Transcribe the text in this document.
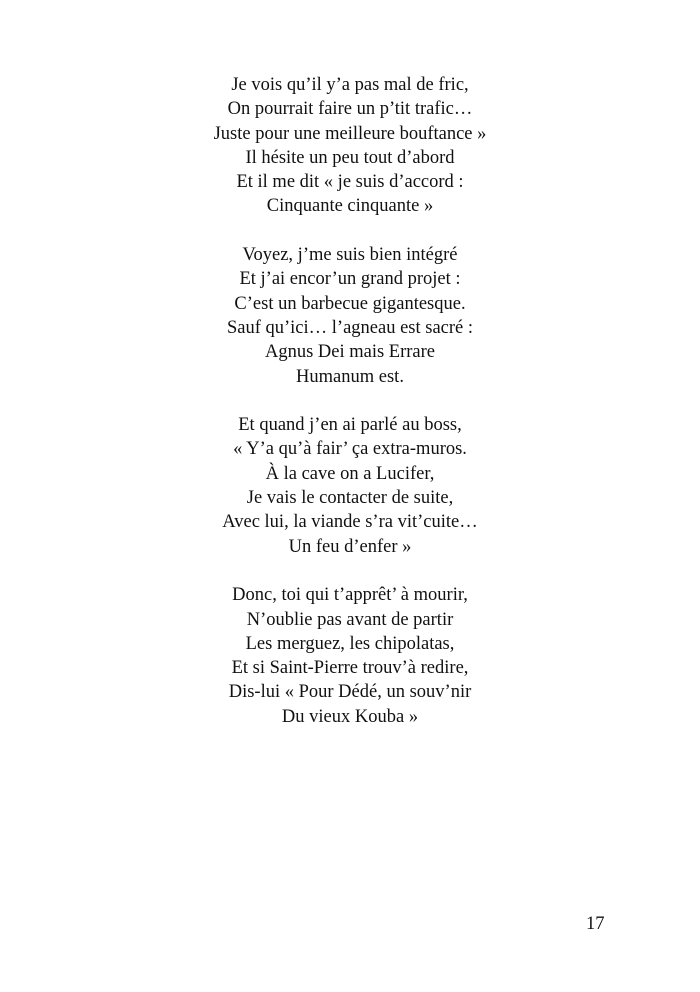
Je vois qu’il y’a pas mal de fric,
On pourrait faire un p’tit trafic…
Juste pour une meilleure bouftance »
Il hésite un peu tout d’abord
Et il me dit « je suis d’accord :
Cinquante cinquante »
Voyez, j’me suis bien intégré
Et j’ai encor’un grand projet :
C’est un barbecue gigantesque.
Sauf qu’ici… l’agneau est sacré :
Agnus Dei mais Errare
Humanum est.
Et quand j’en ai parlé au boss,
« Y’a qu’à fair’ ça extra-muros.
À la cave on a Lucifer,
Je vais le contacter de suite,
Avec lui, la viande s’ra vit’cuite…
Un feu d’enfer »
Donc, toi qui t’apprêt’ à mourir,
N’oublie pas avant de partir
Les merguez, les chipolatas,
Et si Saint-Pierre trouv’à redire,
Dis-lui « Pour Dédé, un souv’nir
Du vieux Kouba »
17
